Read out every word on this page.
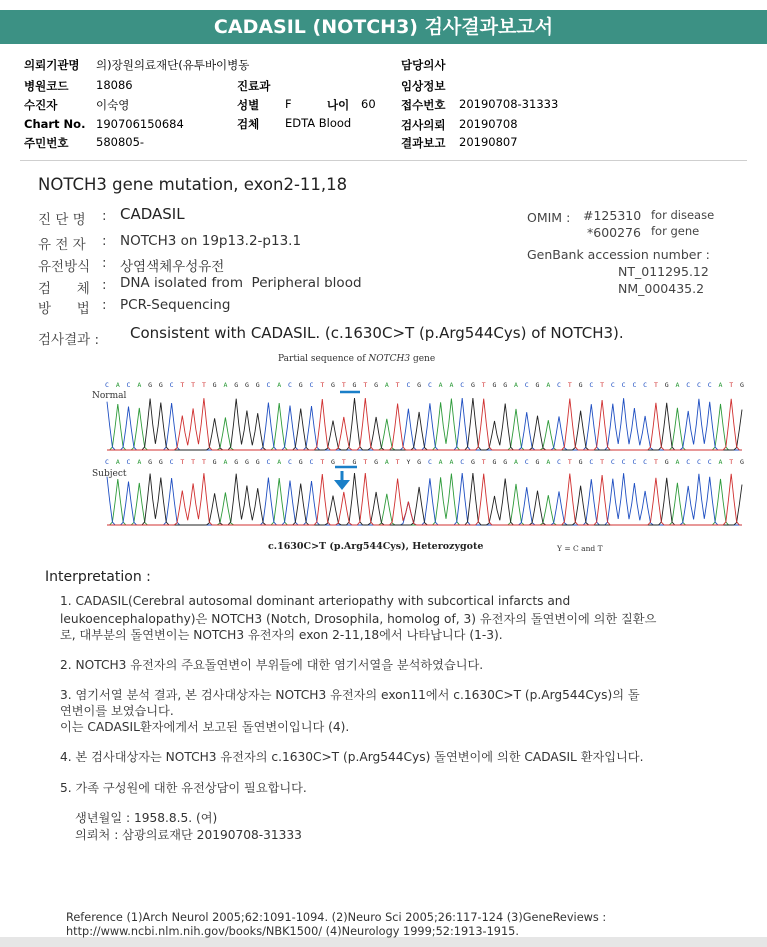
CADASIL (NOTCH3) 검사결과보고서
의뢰기관명 의)장원의료재단(유투바이병동
병원코드 18086
수진자	이숙영
Chart No. 190706150684
주민번호 580805-
진료과
성별 F	나이 60
검체 EDTA Blood
담당의사
임상정보
접수번호 20190708-31333
검사의뢰 20190708
결과보고 20190807
NOTCH3 gene mutation, exon2-11,18
진 단 명 : CADASIL
유 전 자 : NOTCH3 on 19p13.2-p13.1
유전방식 : 상염색체우성유전
검      체 : DNA isolated from  Peripheral blood
방      법 : PCR-Sequencing
OMIM : #125310 for disease
*600276 for gene
GenBank accession number :
NT_011295.12
NM_000435.2
검사결과 : Consistent with CADASIL. (c.1630C>T (p.Arg544Cys) of NOTCH3).
Partial sequence of NOTCH3 gene
Normal
Subject
C A C A G G C T T T G A G G G C A C G C T G T G T G A T C G C A A C G T G G A C G A C T G C T C C C C T G A C C C A T G
C A C A G G C T T T G A G G G C A C G C T G T G T G A T Y G C A A C G T G G A C G A C T G C T C C C C T G A C C C A T G
c.1630C>T (p.Arg544Cys), Heterozygote	Y = C and T
Interpretation :
1. CADASIL(Cerebral autosomal dominant arteriopathy with subcortical infarcts and
leukoencephalopathy)은 NOTCH3 (Notch, Drosophila, homolog of, 3) 유전자의 돌연변이에 의한 질환으
로, 대부분의 돌연변이는 NOTCH3 유전자의 exon 2-11,18에서 나타납니다 (1-3).
2. NOTCH3 유전자의 주요돌연변이 부위들에 대한 염기서열을 분석하였습니다.
3. 염기서열 분석 결과, 본 검사대상자는 NOTCH3 유전자의 exon11에서 c.1630C>T (p.Arg544Cys)의 돌
연변이를 보였습니다.
이는 CADASIL환자에게서 보고된 돌연변이입니다 (4).
4. 본 검사대상자는 NOTCH3 유전자의 c.1630C>T (p.Arg544Cys) 돌연변이에 의한 CADASIL 환자입니다.
5. 가족 구성원에 대한 유전상담이 필요합니다.
생년월일 : 1958.8.5. (여)
의뢰처 : 삼광의료재단 20190708-31333
Reference (1)Arch Neurol 2005;62:1091-1094. (2)Neuro Sci 2005;26:117-124 (3)GeneReviews :
http://www.ncbi.nlm.nih.gov/books/NBK1500/ (4)Neurology 1999;52:1913-1915.
